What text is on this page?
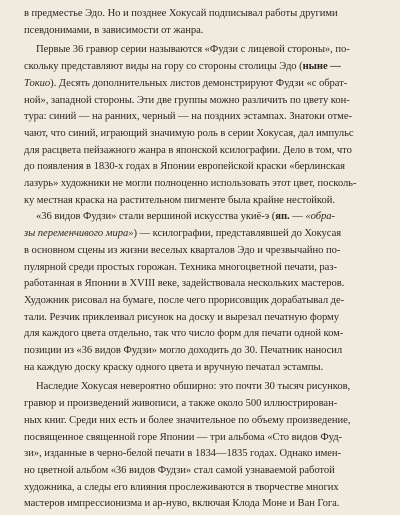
в предместье Эдо. Но и позднее Хокусай подписывал работы другими
псевдонимами, в зависимости от жанра.
Первые 36 гравюр серии называются «Фудзи с лицевой стороны», по-
скольку представляют виды на гору со стороны столицы Эдо (ныне —
Токио). Десять дополнительных листов демонстрируют Фудзи «с обрат-
ной», западной стороны. Эти две группы можно различить по цвету кон-
тура: синий — на ранних, черный — на поздних эстампах. Знатоки отме-
чают, что синий, играющий значимую роль в серии Хокусая, дал импульс
для расцвета пейзажного жанра в японской ксилографии. Дело в том, что
до появления в 1830-х годах в Японии европейской краски «берлинская
лазурь» художники не могли полноценно использовать этот цвет, посколь-
ку местная краска на растительном пигменте была крайне нестойкой.
«36 видов Фудзи» стали вершиной искусства укиё-э (яп. — «обра-
зы переменчивого мира») — ксилографии, представлявшей до Хокусая
в основном сцены из жизни веселых кварталов Эдо и чрезвычайно по-
пулярной среди простых горожан. Техника многоцветной печати, раз-
работанная в Японии в XVIII веке, задействовала нескольких мастеров.
Художник рисовал на бумаге, после чего прорисовщик дорабатывал де-
тали. Резчик приклеивал рисунок на доску и вырезал печатную форму
для каждого цвета отдельно, так что число форм для печати одной ком-
позиции из «36 видов Фудзи» могло доходить до 30. Печатник наносил
на каждую доску краску одного цвета и вручную печатал эстампы.
Наследие Хокусая невероятно обширно: это почти 30 тысяч рисунков,
гравюр и произведений живописи, а также около 500 иллюстрирован-
ных книг. Среди них есть и более значительное по объему произведение,
посвященное священной горе Японии — три альбома «Сто видов Фуд-
зи», изданные в черно-белой печати в 1834—1835 годах. Однако имен-
но цветной альбом «36 видов Фудзи» стал самой узнаваемой работой
художника, а следы его влияния прослеживаются в творчестве многих
мастеров импрессионизма и ар-нуво, включая Клода Моне и Ван Гога.
